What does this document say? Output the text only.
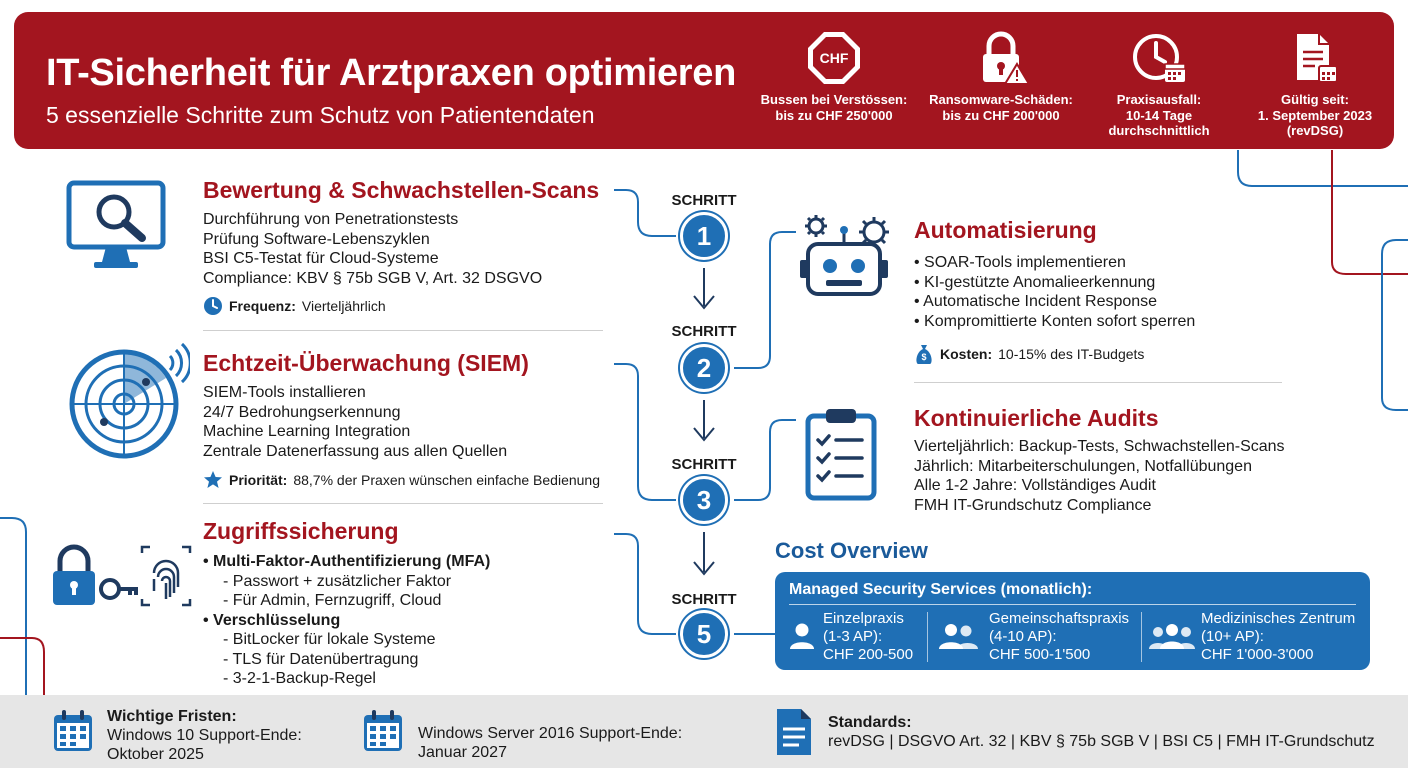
IT-Sicherheit für Arztpraxen optimieren
5 essenzielle Schritte zum Schutz von Patientendaten
CHF
Bussen bei Verstössen:
bis zu CHF 250'000
Ransomware-Schäden:
bis zu CHF 200'000
Praxisausfall:
10-14 Tage
durchschnittlich
Gültig seit:
1. September 2023
(revDSG)
Bewertung & Schwachstellen-Scans
Durchführung von Penetrationstests
Prüfung Software-Lebenszyklen
BSI C5-Testat für Cloud-Systeme
Compliance: KBV § 75b SGB V, Art. 32 DSGVO
Frequenz: Vierteljährlich
Echtzeit-Überwachung (SIEM)
SIEM-Tools installieren
24/7 Bedrohungserkennung
Machine Learning Integration
Zentrale Datenerfassung aus allen Quellen
Priorität: 88,7% der Praxen wünschen einfache Bedienung
Zugriffssicherung
• Multi-Faktor-Authentifizierung (MFA)
- Passwort + zusätzlicher Faktor
- Für Admin, Fernzugriff, Cloud
• Verschlüsselung
- BitLocker für lokale Systeme
- TLS für Datenübertragung
- 3-2-1-Backup-Regel
SCHRITT
1
SCHRITT
2
SCHRITT
3
SCHRITT
5
Automatisierung
• SOAR-Tools implementieren
• KI-gestützte Anomalieerkennung
• Automatische Incident Response
• Kompromittierte Konten sofort sperren
$ Kosten: 10-15% des IT-Budgets
Kontinuierliche Audits
Vierteljährlich: Backup-Tests, Schwachstellen-Scans
Jährlich: Mitarbeiterschulungen, Notfallübungen
Alle 1-2 Jahre: Vollständiges Audit
FMH IT-Grundschutz Compliance
Cost Overview
Managed Security Services (monatlich):
Einzelpraxis
(1-3 AP):
CHF 200-500
Gemeinschaftspraxis
(4-10 AP):
CHF 500-1'500
Medizinisches Zentrum
(10+ AP):
CHF 1'000-3'000
Wichtige Fristen:
Windows 10 Support-Ende:
Oktober 2025
Windows Server 2016 Support-Ende:
Januar 2027
Standards:
revDSG | DSGVO Art. 32 | KBV § 75b SGB V | BSI C5 | FMH IT-Grundschutz
